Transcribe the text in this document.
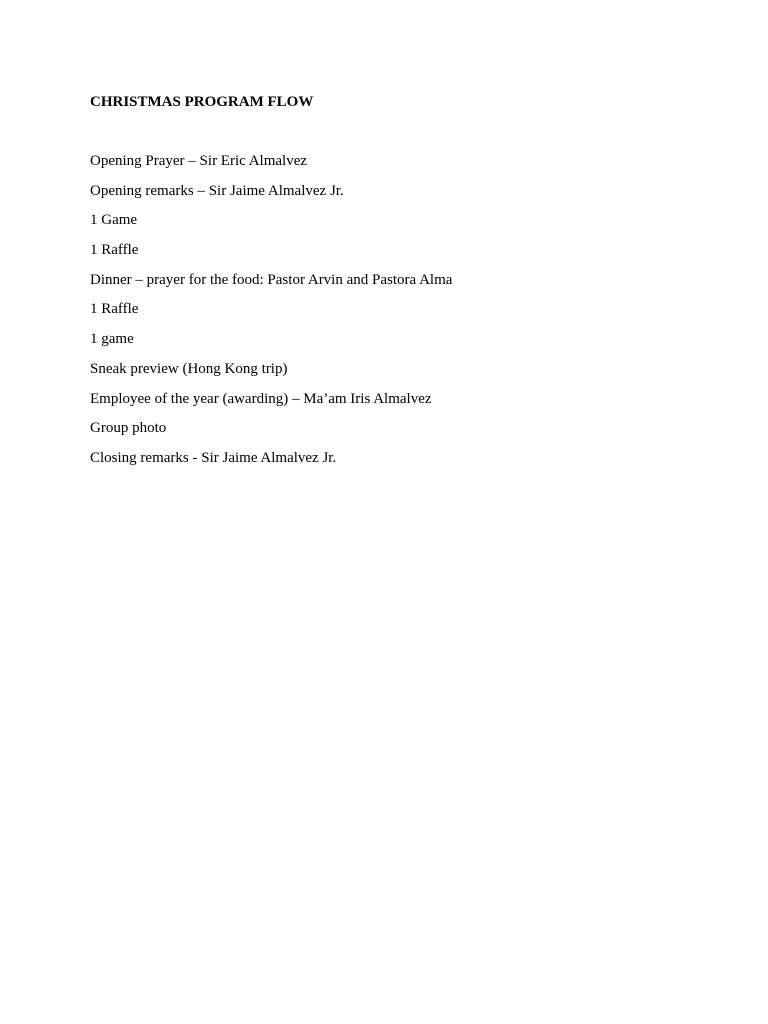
CHRISTMAS PROGRAM FLOW
Opening Prayer – Sir Eric Almalvez
Opening remarks – Sir Jaime Almalvez Jr.
1 Game
1 Raffle
Dinner – prayer for the food: Pastor Arvin and Pastora Alma
1 Raffle
1 game
Sneak preview (Hong Kong trip)
Employee of the year (awarding) – Ma’am Iris Almalvez
Group photo
Closing remarks - Sir Jaime Almalvez Jr.
